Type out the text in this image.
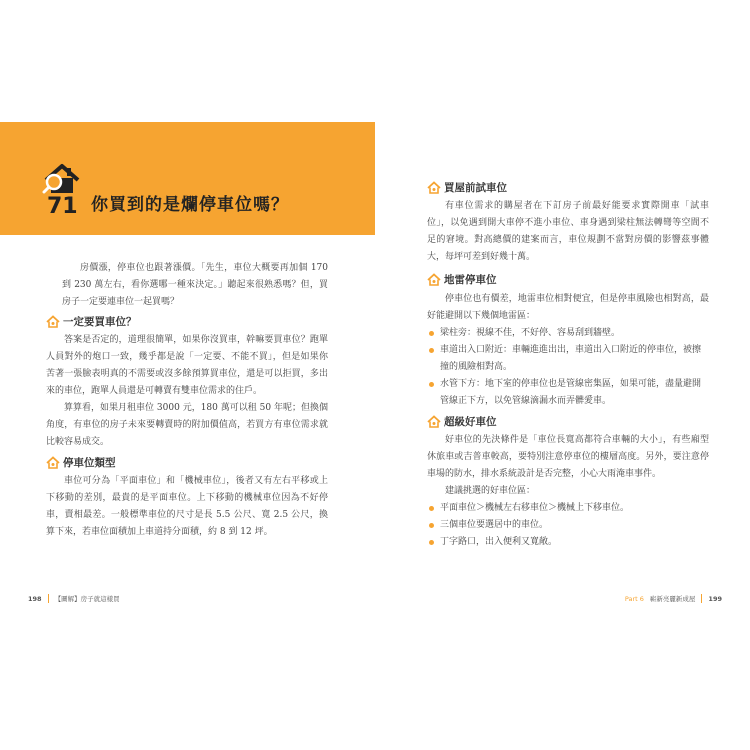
71 你買到的是爛停車位嗎？

房價漲，停車位也跟著漲價。「先生，車位大概要再加個 170 到 230 萬左右，看你選哪一種來決定。」聽起來很熟悉嗎？但，買房子一定要連車位一起買嗎？

一定要買車位？

答案是否定的，道理很簡單，如果你沒買車，幹嘛要買車位？跑單人員對外的炮口一致，幾乎都是說「一定要、不能不買」，但是如果你苦著一張臉表明真的不需要或沒多餘預算買車位，還是可以拒買，多出來的車位，跑單人員還是可轉賣有雙車位需求的住戶。

算算看，如果月租車位 3000 元，180 萬可以租 50 年呢；但換個角度，有車位的房子未來要轉賣時的附加價值高，若買方有車位需求就比較容易成交。

停車位類型

車位可分為「平面車位」和「機械車位」，後者又有左右平移或上下移動的差別，最貴的是平面車位。上下移動的機械車位因為不好停車，賣相最差。一般標準車位的尺寸是長 5.5 公尺、寬 2.5 公尺，換算下來，若車位面積加上車道持分面積，約 8 到 12 坪。

198 【圖解】房子就這樣買
買屋前試車位

有車位需求的購屋者在下訂房子前最好能要求實際開車「試車位」，以免遇到開大車停不進小車位、車身遇到梁柱無法轉彎等空間不足的窘境。對高總價的建案而言，車位規劃不當對房價的影響茲事體大，每坪可差到好幾十萬。

地雷停車位

停車位也有價差，地雷車位相對便宜，但是停車風險也相對高，最好能避開以下幾個地雷區：

梁柱旁：視線不佳，不好停、容易刮到牆壁。
車道出入口附近：車輛進進出出，車道出入口附近的停車位，被擦撞的風險相對高。
水管下方：地下室的停車位也是管線密集區，如果可能，盡量避開管線正下方，以免管線滴漏水而弄髒愛車。
超級好車位

好車位的先決條件是「車位長寬高都符合車輛的大小」，有些廂型休旅車或吉普車較高，要特別注意停車位的樓層高度。另外，要注意停車場的防水，排水系統設計是否完整，小心大雨淹車事件。

建議挑選的好車位區：

平面車位＞機械左右移車位＞機械上下移車位。
三個車位要選居中的車位。
丁字路口，出入便利又寬敞。
Part 6 嶄新亮麗新成屋 199
